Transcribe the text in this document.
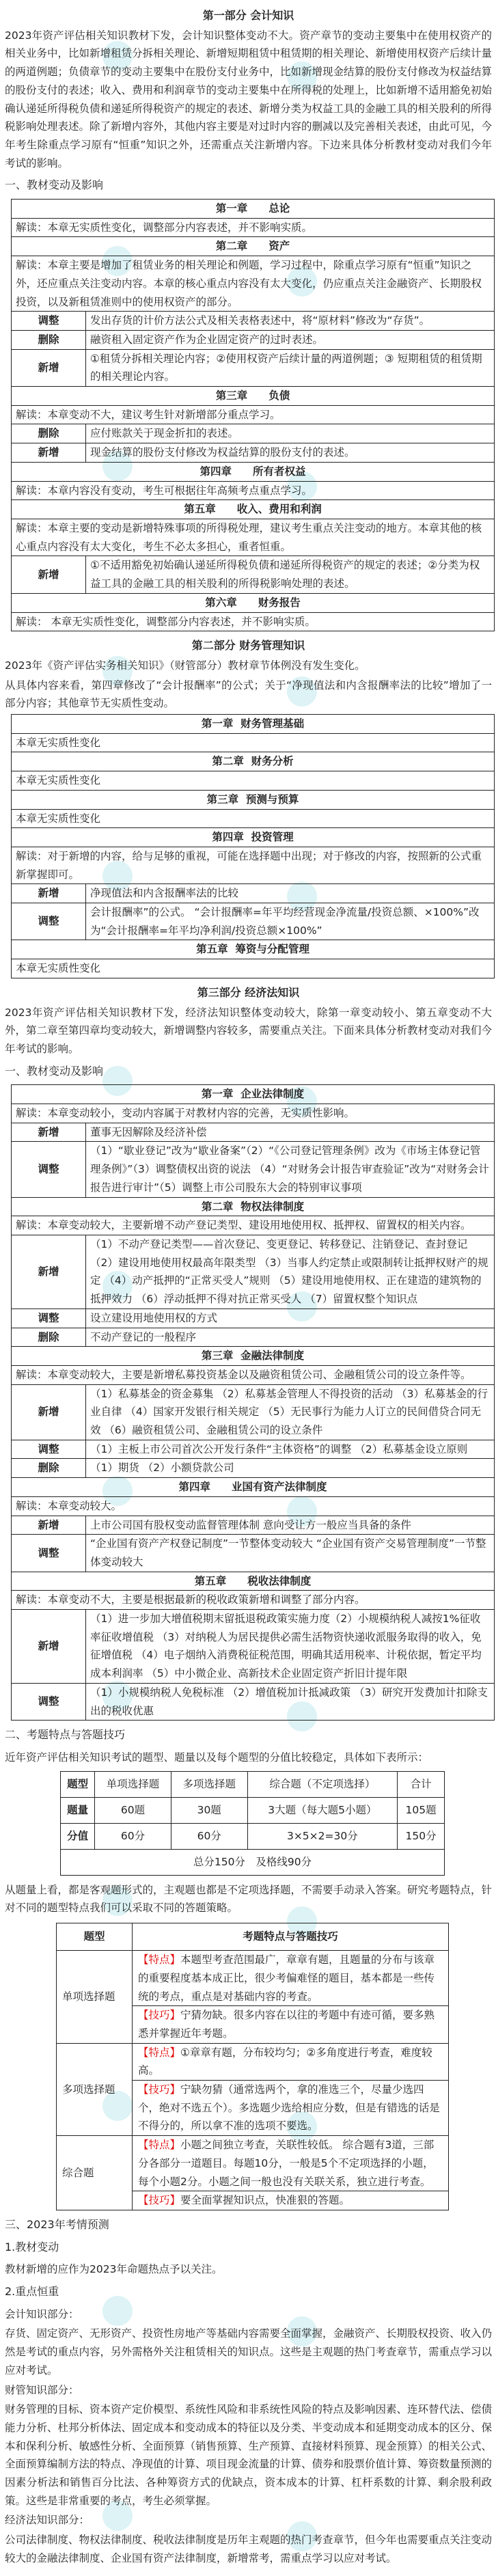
第一部分 会计知识

2023年资产评估相关知识教材下发，会计知识整体变动不大。资产章节的变动主要集中在使用权资产的相关业务中，比如新增租赁分拆相关理论、新增短期租赁中租赁期的相关理论、新增使用权资产后续计量的两道例题；负债章节的变动主要集中在股份支付业务中，比如新增现金结算的股份支付修改为权益结算的股份支付的表述；收入、费用和利润章节的变动主要集中在所得税的处理上，比如新增不适用豁免初始确认递延所得税负债和递延所得税资产的规定的表述、新增分类为权益工具的金融工具的相关股利的所得税影响处理表述。除了新增内容外，其他内容主要是对过时内容的删减以及完善相关表述，由此可见，今年考生除重点学习原有“恒重”知识之外，还需重点关注新增内容。下边来具体分析教材变动对我们今年考试的影响。

一、教材变动及影响
第一章　　总论	
解读：本章无实质性变化，调整部分内容表述，并不影响实质。	
第二章　　资产	
解读：本章主要是增加了租赁业务的相关理论和例题，学习过程中，除重点学习原有“恒重”知识之外，还应重点关注变动内容。本章的核心重点内容没有太大变化，仍应重点关注金融资产、长期股权投资，以及新租赁准则中的使用权资产的部分。	
调整	发出存货的计价方法公式及相关表格表述中，将“原材料”修改为“存货”。
删除	融资租入固定资产作为企业固定资产的过时表述。
新增	①租赁分拆相关理论内容；②使用权资产后续计量的两道例题；③ 短期租赁的租赁期的相关理论内容。
第三章　　负债	
解读：本章变动不大，建议考生针对新增部分重点学习。	
删除	应付账款关于现金折扣的表述。
新增	现金结算的股份支付修改为权益结算的股份支付的表述。
第四章　　所有者权益	
解读：本章内容没有变动，考生可根据往年高频考点重点学习。	
第五章　　收入、费用和利润	
解读：本章主要的变动是新增特殊事项的所得税处理，建议考生重点关注变动的地方。本章其他的核心重点内容没有太大变化，考生不必太多担心，重者恒重。	
新增	①不适用豁免初始确认递延所得税负债和递延所得税资产的规定的表述；②分类为权益工具的金融工具的相关股利的所得税影响处理的表述。
第六章　　财务报告	
解读： 本章无实质性变化，调整部分内容表述，并不影响实质。	
第二部分 财务管理知识

2023年《资产评估实务相关知识》（财管部分）教材章节体例没有发生变化。

从具体内容来看，第四章修改了“会计报酬率”的公式；关于“净现值法和内含报酬率法的比较”增加了一部分内容；其他章节无实质性变动。

第一章  财务管理基础	
本章无实质性变化	
第二章  财务分析	
本章无实质性变化	
第三章  预测与预算	
本章无实质性变化	
第四章  投资管理	
解读：对于新增的内容，给与足够的重视，可能在选择题中出现；对于修改的内容，按照新的公式重新掌握即可。	
新增	净现值法和内含报酬率法的比较
调整	会计报酬率”的公式。 “会计报酬率=年平均经营现金净流量/投资总额、×100%”改为“会计报酬率=年平均净利润/投资总额×100%”
第五章  筹资与分配管理	
本章无实质性变化	
第三部分 经济法知识

2023年资产评估相关知识教材下发，经济法知识整体变动较大，除第一章变动较小、第五章变动不大外，第二章至第四章均变动较大，新增调整内容较多，需要重点关注。下面来具体分析教材变动对我们今年考试的影响。

一、教材变动及影响
第一章  企业法律制度	
解读：本章变动较小，变动内容属于对教材内容的完善，无实质性影响。	
新增	董事无因解除及经济补偿
调整	（1）“歇业登记”改为“歇业备案”（2）“《公司登记管理条例》改为《市场主体登记管理条例》”（3）调整债权出资的说法 （4）“对财务会计报告审查验证”改为“对财务会计报告进行审计”（5）调整上市公司股东大会的特别审议事项
第二章  物权法律制度	
解读：本章变动较大，主要新增不动产登记类型、建设用地使用权、抵押权、留置权的相关内容。	
新增	（1）不动产登记类型——首次登记、变更登记、转移登记、注销登记、查封登记（2）建设用地使用权最高年限类型 （3）当事人约定禁止或限制转让抵押权财产的规定 （4）动产抵押的“正常买受人”规则 （5）建设用地使用权、正在建造的建筑物的抵押效力 （6）浮动抵押不得对抗正常买受人 （7）留置权整个知识点
调整	设立建设用地使用权的方式
删除	不动产登记的一般程序
第三章  金融法律制度	
解读：本章变动较大，主要是新增私募投资基金以及融资租赁公司、金融租赁公司的设立条件等。	
新增	（1）私募基金的资金募集 （2）私募基金管理人不得投资的活动 （3）私募基金的行业自律 （4）国家开发银行相关规定 （5）无民事行为能力人订立的民间借贷合同无效 （6）融资租赁公司、金融租赁公司的设立条件
调整	（1）主板上市公司首次公开发行条件“主体资格”的调整 （2）私募基金设立原则
删除	（1）期货 （2）小额贷款公司
第四章　　业国有资产法律制度	
解读：本章变动较大。	
新增	上市公司国有股权变动监督管理体制 意向受让方一般应当具备的条件
调整	“企业国有资产产权登记制度”一节整体变动较大 “企业国有资产交易管理制度”一节整体变动较大
第五章　　税收法律制度	
解读：本章变动不大，主要是根据最新的税收政策新增和调整了部分内容。	
新增	（1）进一步加大增值税期末留抵退税政策实施力度（2）小规模纳税人减按1%征收率征收增值税 （3）对纳税人为居民提供必需生活物资快递收派服务取得的收入，免征增值税 （4）电子烟纳入消费税征税范围，明确其适用税率、计税依据，暂定平均成本利润率 （5）中小微企业、高新技术企业固定资产折旧计提年限
调整	（1）小规模纳税人免税标准 （2）增值税加计抵减政策 （3）研究开发费加计扣除支出的税收优惠
二、考题特点与答题技巧

近年资产评估相关知识考试的题型、题量以及每个题型的分值比较稳定，具体如下表所示：

题型	单项选择题	多项选择题	综合题（不定项选择）	合计
题量	60题	30题	3大题（每大题5小题）	105题
分值	60分	60分	3×5×2=30分	150分
总分150分　及格线90分				

从题量上看，都是客观题形式的，主观题也都是不定项选择题，不需要手动录入答案。研究考题特点，针对不同的题型特点我们可以采取不同的答题策略。

题型	考题特点与答题技巧
单项选择题	【特点】本题型考查范围最广，章章有题，且题量的分布与该章的重要程度基本成正比，很少考偏难怪的题目，基本都是一些传统的考点，重点是对基础内容的考查。
	【技巧】宁猜勿缺。很多内容在以往的考题中有迹可循，要多熟悉并掌握近年考题。
多项选择题	【特点】①章章有题，分布较均匀；②多角度进行考查，难度较高。
	【技巧】宁缺勿猜（通常选两个，拿的准选三个，尽量少选四个，绝对不选五个）。多选题少选给相应分数，但是有错选的话是不得分的，所以拿不准的选项不要选。
综合题	【特点】小题之间独立考查，关联性较低。 综合题有3道，三部分各部分一道题目。每题10分，一般是5个不定项选择的小题，每个小题2分。小题之间一般也没有关联关系，独立进行考查。
	【技巧】要全面掌握知识点，快准狠的答题。
三、2023年考情预测
1.教材变动

教材新增的应作为2023年命题热点予以关注。

2.重点恒重

会计知识部分：

存货、固定资产、无形资产、投资性房地产等基础内容需要全面掌握，金融资产、长期股权投资、收入仍然是考试的重点内容，另外需格外关注租赁相关的知识点。这些是主观题的热门考查章节，需重点学习以应对考试。

财管知识部分：

财务管理的目标、资本资产定价模型、系统性风险和非系统性风险的特点及影响因素、连环替代法、偿债能力分析、杜邦分析体法、固定成本和变动成本的特征以及分类、半变动成本和延期变动成本的区分、保本和保利分析、敏感性分析、全面预算（销售预算、生产预算、直接材料预算、现金预算）的相关公式、全面预算编制方法的特点、净现值的计算、项目现金流量的计算、债券和股票价值计算、筹资数量预测的因素分析法和销售百分比法、各种筹资方式的优缺点，资本成本的计算、杠杆系数的计算、剩余股利政策。这些是非常重要的考点，考生必须掌握。

经济法知识部分：

公司法律制度、物权法律制度、税收法律制度是历年主观题的热门考查章节，但今年也需要重点关注变动较大的金融法律制度、企业国有资产法律制度，新增常考，需重点学习以应对考试。
